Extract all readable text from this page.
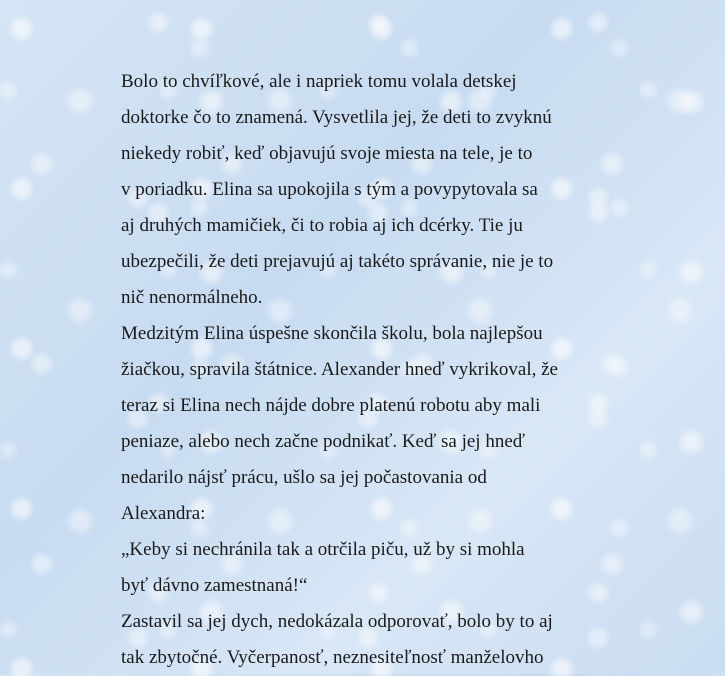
Bolo to chvíľkové, ale i napriek tomu volala detskej
doktorke čo to znamená. Vysvetlila jej, že deti to zvyknú
niekedy robiť, keď objavujú svoje miesta na tele, je to
v poriadku. Elina sa upokojila s tým a povypytovala sa
aj druhých mamičiek, či to robia aj ich dcérky. Tie ju
ubezpečili, že deti prejavujú aj takéto správanie, nie je to
nič nenormálneho.
Medzitým Elina úspešne skončila školu, bola najlepšou
žiačkou, spravila štátnice. Alexander hneď vykrikoval, že
teraz si Elina nech nájde dobre platenú robotu aby mali
peniaze, alebo nech začne podnikať. Keď sa jej hneď
nedarilo nájsť prácu, ušlo sa jej počastovania od
Alexandra:
„Keby si nechránila tak a otrčila piču, už by si mohla
byť dávno zamestnaná!“
Zastavil sa jej dych, nedokázala odporovať, bolo by to aj
tak zbytočné. Vyčerpanosť, neznesiteľnosť manželovho
